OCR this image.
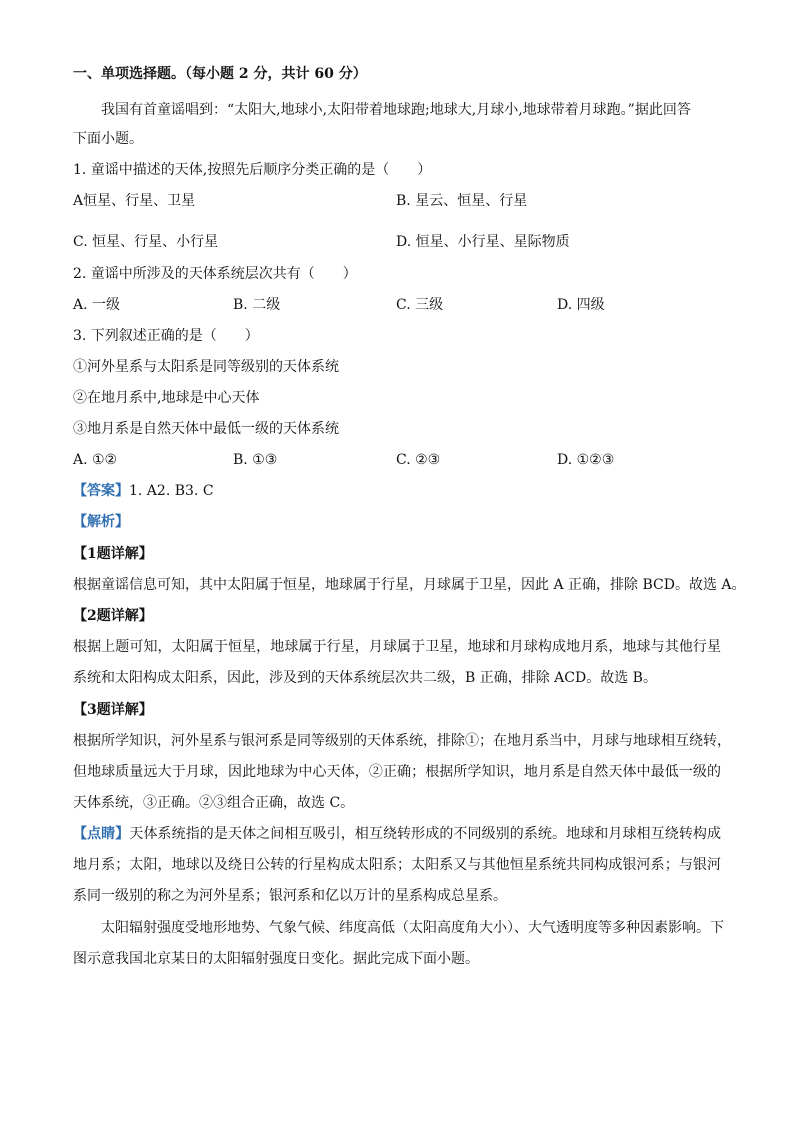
一、单项选择题。（每小题 2 分，共计 60 分）
我国有首童谣唱到：“太阳大,地球小,太阳带着地球跑;地球大,月球小,地球带着月球跑。”据此回答
下面小题。
1. 童谣中描述的天体,按照先后顺序分类正确的是（　　）
A恒星、行星、卫星	B. 星云、恒星、行星
C. 恒星、行星、小行星	D. 恒星、小行星、星际物质
2. 童谣中所涉及的天体系统层次共有（　　）
A. 一级	B. 二级	C. 三级	D. 四级
3. 下列叙述正确的是（　　）
①河外星系与太阳系是同等级别的天体系统
②在地月系中,地球是中心天体
③地月系是自然天体中最低一级的天体系统
A. ①②	B. ①③	C. ②③	D. ①②③
【答案】1. A2. B3. C
【解析】
【1题详解】
根据童谣信息可知，其中太阳属于恒星，地球属于行星，月球属于卫星，因此 A 正确，排除 BCD。故选 A。
【2题详解】
根据上题可知，太阳属于恒星，地球属于行星，月球属于卫星，地球和月球构成地月系，地球与其他行星
系统和太阳构成太阳系，因此，涉及到的天体系统层次共二级，B 正确，排除 ACD。故选 B。
【3题详解】
根据所学知识，河外星系与银河系是同等级别的天体系统，排除①；在地月系当中，月球与地球相互绕转，
但地球质量远大于月球，因此地球为中心天体，②正确；根据所学知识，地月系是自然天体中最低一级的
天体系统，③正确。②③组合正确，故选 C。
【点睛】天体系统指的是天体之间相互吸引，相互绕转形成的不同级别的系统。地球和月球相互绕转构成
地月系；太阳，地球以及绕日公转的行星构成太阳系；太阳系又与其他恒星系统共同构成银河系；与银河
系同一级别的称之为河外星系；银河系和亿以万计的星系构成总星系。
太阳辐射强度受地形地势、气象气候、纬度高低（太阳高度角大小）、大气透明度等多种因素影响。下
图示意我国北京某日的太阳辐射强度日变化。据此完成下面小题。
